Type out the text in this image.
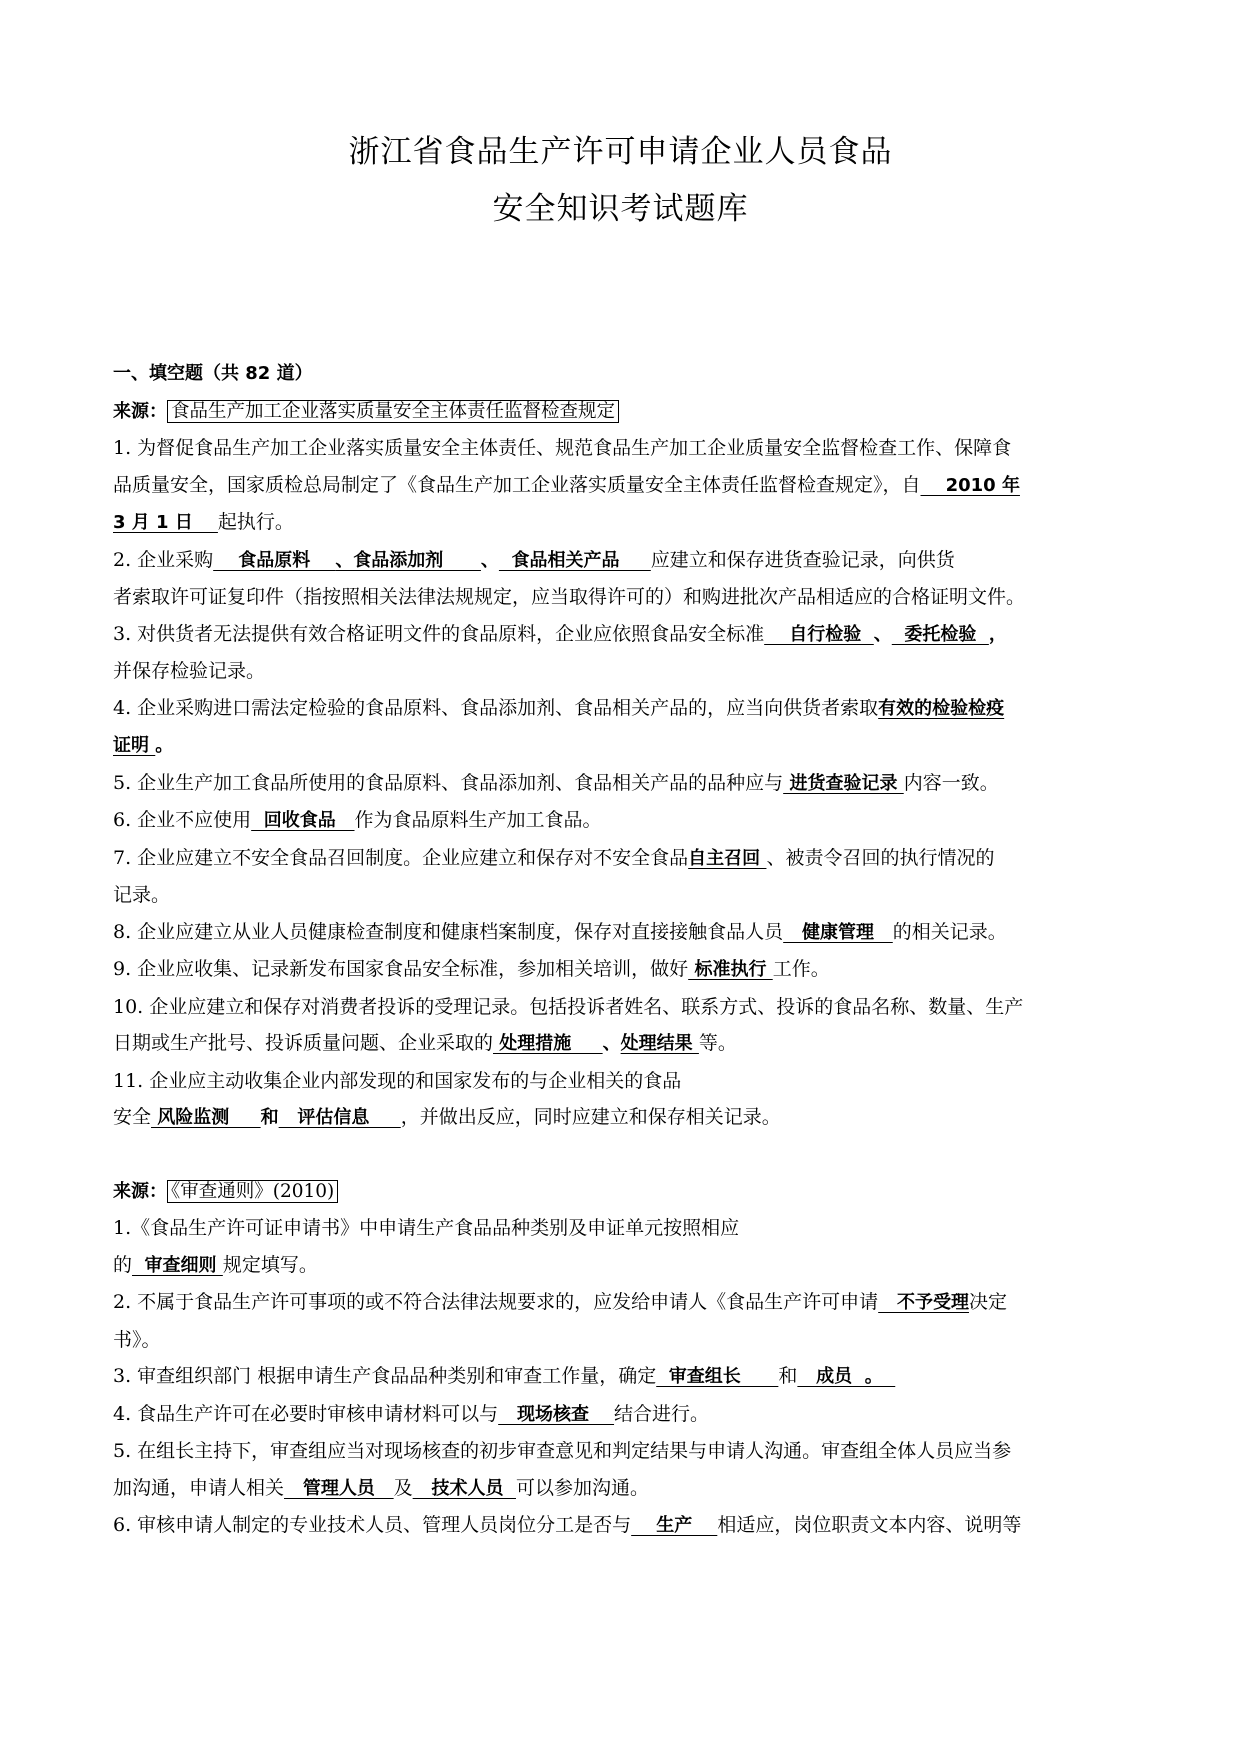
浙江省食品生产许可申请企业人员食品
安全知识考试题库

一、填空题（共 82 道）

来源： 食品生产加工企业落实质量安全主体责任监督检查规定

1. 为督促食品生产加工企业落实质量安全主体责任、规范食品生产加工企业质量安全监督检查工作、保障食

品质量安全，国家质检总局制定了《食品生产加工企业落实质量安全主体责任监督检查规定》，自    2010 年

3 月 1 日    起执行。

2. 企业采购    食品原料    、食品添加剂      、  食品相关产品     应建立和保存进货查验记录，向供货

者索取许可证复印件（指按照相关法律法规规定，应当取得许可的）和购进批次产品相适应的合格证明文件。

3. 对供货者无法提供有效合格证明文件的食品原料，企业应依照食品安全标准    自行检验  、  委托检验  ，

并保存检验记录。

4. 企业采购进口需法定检验的食品原料、食品添加剂、食品相关产品的，应当向供货者索取有效的检验检疫

证明 。

5. 企业生产加工食品所使用的食品原料、食品添加剂、食品相关产品的品种应与 进货查验记录 内容一致。

6. 企业不应使用  回收食品   作为食品原料生产加工食品。

7. 企业应建立不安全食品召回制度。企业应建立和保存对不安全食品自主召回 、被责令召回的执行情况的

记录。

8. 企业应建立从业人员健康检查制度和健康档案制度，保存对直接接触食品人员   健康管理   的相关记录。

9. 企业应收集、记录新发布国家食品安全标准，参加相关培训，做好 标准执行 工作。

10. 企业应建立和保存对消费者投诉的受理记录。包括投诉者姓名、联系方式、投诉的食品名称、数量、生产

日期或生产批号、投诉质量问题、企业采取的 处理措施     、处理结果 等。

11. 企业应主动收集企业内部发现的和国家发布的与企业相关的食品

安全 风险监测     和   评估信息     ，并做出反应，同时应建立和保存相关记录。

来源： 《审查通则》(2010)

1.《食品生产许可证申请书》中申请生产食品品种类别及申证单元按照相应

的  审查细则 规定填写。

2. 不属于食品生产许可事项的或不符合法律法规要求的，应发给申请人《食品生产许可申请   不予受理决定

书》。

3. 审查组织部门 根据申请生产食品品种类别和审查工作量，确定  审查组长      和   成员  。

4. 食品生产许可在必要时审核申请材料可以与   现场核查    结合进行。

5. 在组长主持下，审查组应当对现场核查的初步审查意见和判定结果与申请人沟通。审查组全体人员应当参

加沟通，申请人相关   管理人员   及   技术人员  可以参加沟通。

6. 审核申请人制定的专业技术人员、管理人员岗位分工是否与    生产    相适应，岗位职责文本内容、说明等
